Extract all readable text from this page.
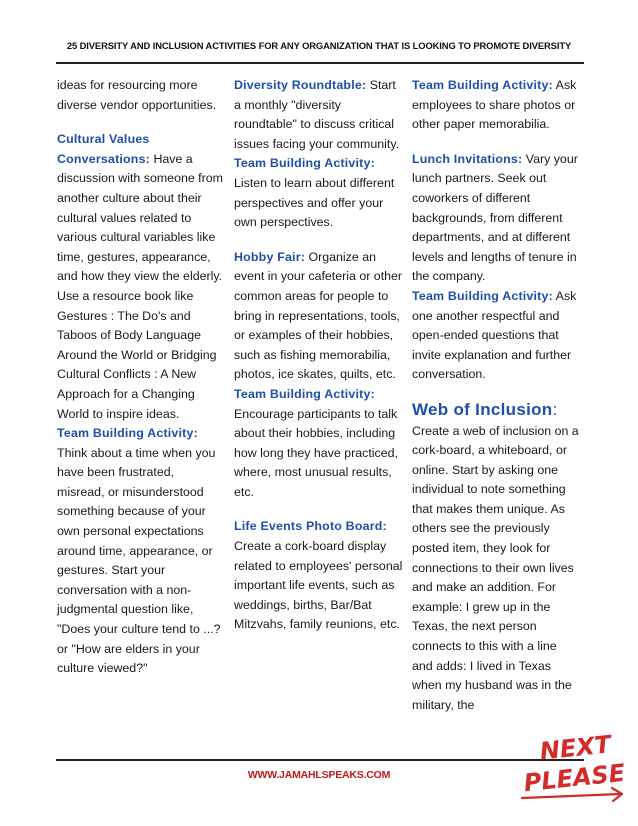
25 DIVERSITY AND INCLUSION ACTIVITIES FOR ANY ORGANIZATION THAT IS LOOKING TO PROMOTE DIVERSITY

ideas for resourcing more diverse vendor opportunities.

Cultural Values Conversations: Have a discussion with someone from another culture about their cultural values related to various cultural variables like time, gestures, appearance, and how they view the elderly. Use a resource book like Gestures : The Do's and Taboos of Body Language Around the World or Bridging Cultural Conflicts : A New Approach for a Changing World to inspire ideas.

Team Building Activity: Think about a time when you have been frustrated, misread, or misunderstood something because of your own personal expectations around time, appearance, or gestures. Start your conversation with a non-judgmental question like, "Does your culture tend to ...? or "How are elders in your culture viewed?"

Diversity Roundtable: Start a monthly "diversity roundtable" to discuss critical issues facing your community.

Team Building Activity: Listen to learn about different perspectives and offer your own perspectives.

Hobby Fair: Organize an event in your cafeteria or other common areas for people to bring in representations, tools, or examples of their hobbies, such as fishing memorabilia, photos, ice skates, quilts, etc.

Team Building Activity: Encourage participants to talk about their hobbies, including how long they have practiced, where, most unusual results, etc.

Life Events Photo Board: Create a cork-board display related to employees' personal important life events, such as weddings, births, Bar/Bat Mitzvahs, family reunions, etc.

Team Building Activity: Ask employees to share photos or other paper memorabilia.

Lunch Invitations: Vary your lunch partners. Seek out coworkers of different backgrounds, from different departments, and at different levels and lengths of tenure in the company.

Team Building Activity: Ask one another respectful and open-ended questions that invite explanation and further conversation.

Web of Inclusion:
Create a web of inclusion on a cork-board, a whiteboard, or online. Start by asking one individual to note something that makes them unique. As others see the previously posted item, they look for connections to their own lives and make an addition. For example: I grew up in the Texas, the next person connects to this with a line and adds: I lived in Texas when my husband was in the military, the

WWW.JAMAHLSPEAKS.COM
NEXT
PLEASE
